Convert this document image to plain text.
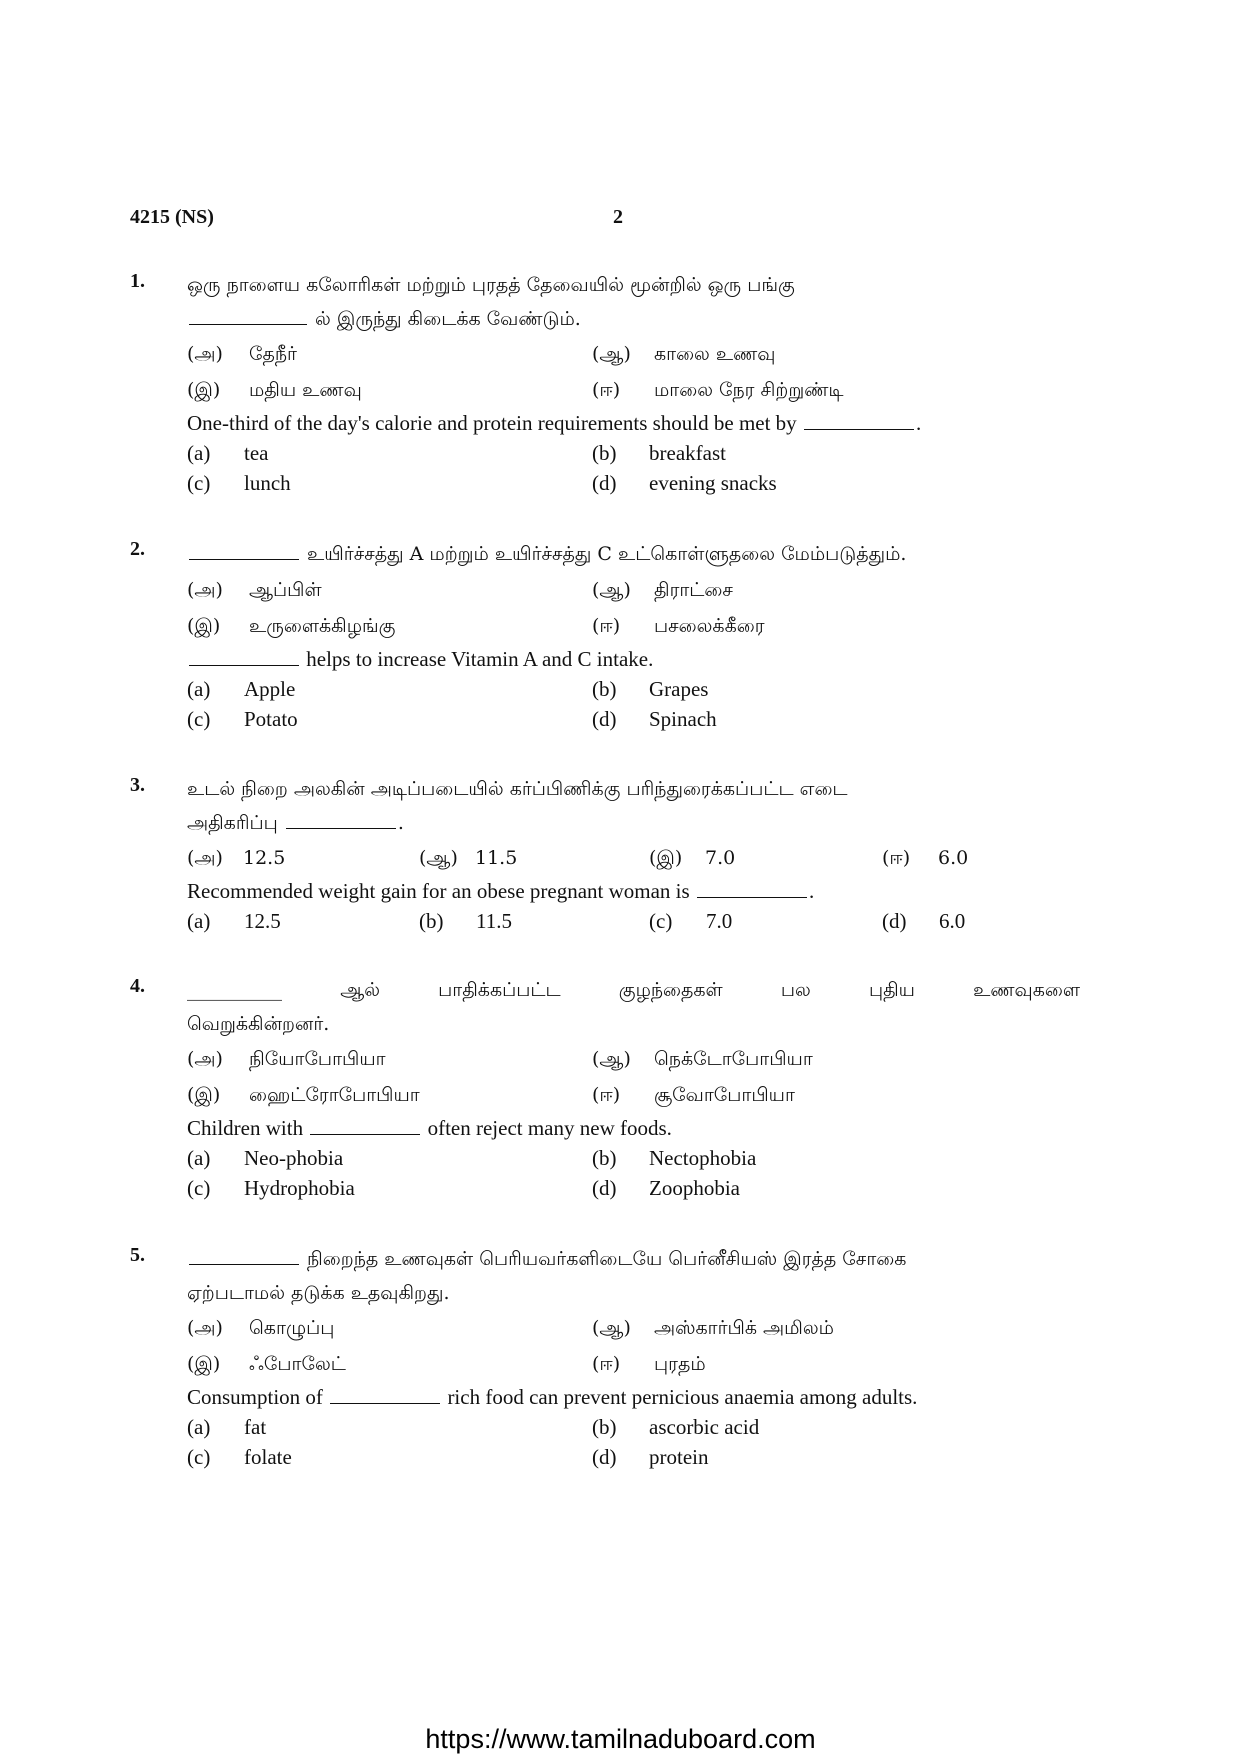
4215 (NS)	2
1. ஒரு நாளைய கலோரிகள் மற்றும் புரதத் தேவையில் மூன்றில் ஒரு பங்கு
ல் இருந்து கிடைக்க வேண்டும்.
(அ)	தேநீர்	(ஆ)	காலை உணவு
(இ)	மதிய உணவு	(ஈ)	மாலை நேர சிற்றுண்டி
One-third of the day's calorie and protein requirements should be met by	.
(a)	tea	(b)	breakfast
(c)	lunch	(d)	evening snacks
2.	உயிர்ச்சத்து A மற்றும் உயிர்ச்சத்து C உட்கொள்ளுதலை மேம்படுத்தும்.
(அ)	ஆப்பிள்	(ஆ)	திராட்சை
(இ)	உருளைக்கிழங்கு	(ஈ)	பசலைக்கீரை
helps to increase Vitamin A and C intake.
(a)	Apple	(b)	Grapes
(c)	Potato	(d)	Spinach
3. உடல் நிறை அலகின் அடிப்படையில் கர்ப்பிணிக்கு பரிந்துரைக்கப்பட்ட எடை
அதிகரிப்பு	.
(அ)	12.5	(ஆ) 11.5	(இ)	7.0	(ஈ)	6.0
Recommended weight gain for an obese pregnant woman is	.
(a)	12.5	(b)	11.5	(c)	7.0	(d)	6.0
4. __________	ஆல் பாதிக்கப்பட்ட குழந்தைகள் பல புதிய உணவுகளை
வெறுக்கின்றனர்.
(அ)	நியோபோபியா	(ஆ)	நெக்டோபோபியா
(இ)	ஹைட்ரோபோபியா	(ஈ)	சூவோபோபியா
Children with	often reject many new foods.
(a)	Neo-phobia	(b)	Nectophobia
(c)	Hydrophobia	(d)	Zoophobia
5.	நிறைந்த உணவுகள் பெரியவர்களிடையே பெர்னீசியஸ் இரத்த சோகை
ஏற்படாமல் தடுக்க உதவுகிறது.
(அ)	கொழுப்பு	(ஆ)	அஸ்கார்பிக் அமிலம்
(இ)	ஃபோலேட்	(ஈ)	புரதம்
Consumption of	rich food can prevent pernicious anaemia among adults.
(a)	fat	(b)	ascorbic acid
(c)	folate	(d)	protein
https://www.tamilnaduboard.com
